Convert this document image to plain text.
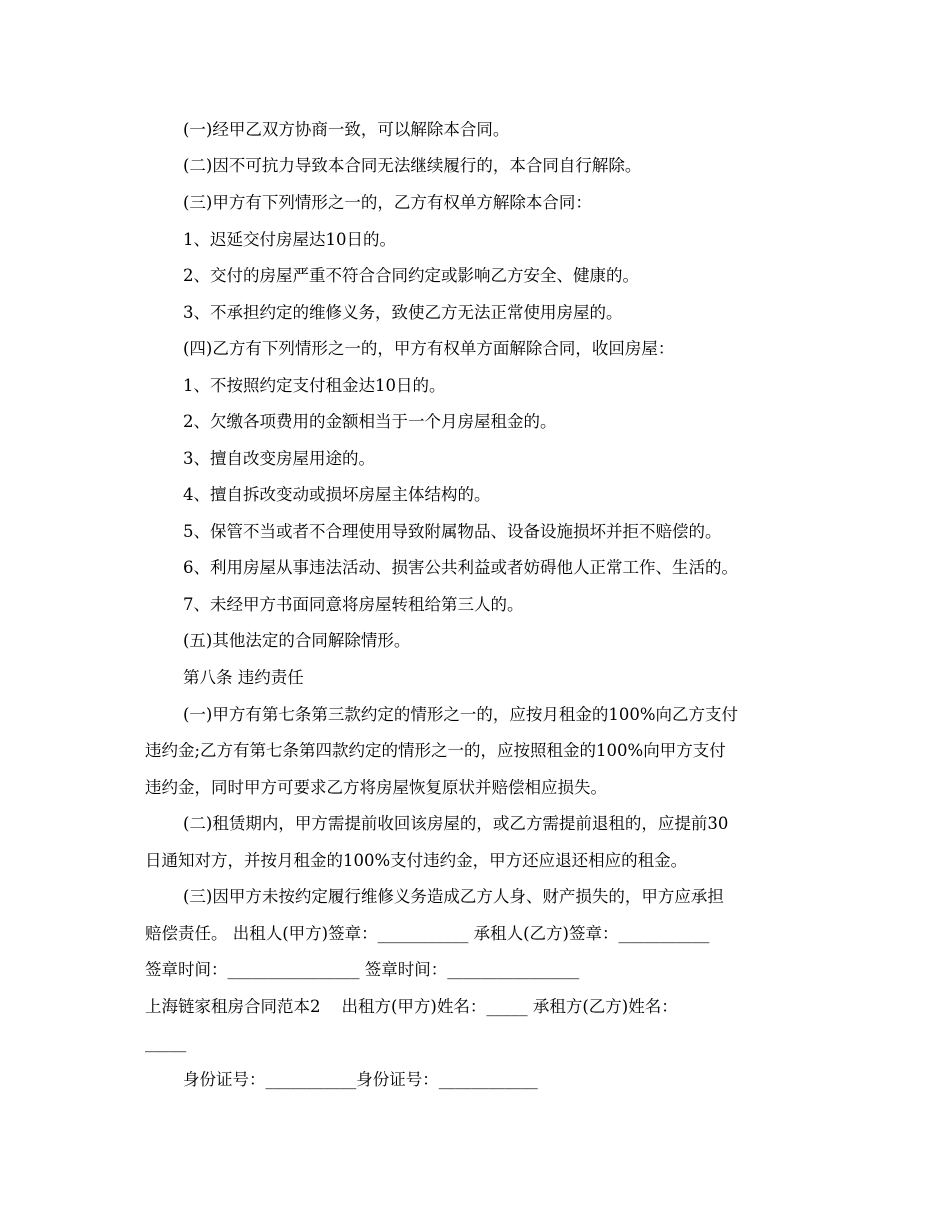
(一)经甲乙双方协商一致，可以解除本合同。
(二)因不可抗力导致本合同无法继续履行的，本合同自行解除。
(三)甲方有下列情形之一的，乙方有权单方解除本合同：
1、迟延交付房屋达10日的。
2、交付的房屋严重不符合合同约定或影响乙方安全、健康的。
3、不承担约定的维修义务，致使乙方无法正常使用房屋的。
(四)乙方有下列情形之一的，甲方有权单方面解除合同，收回房屋：
1、不按照约定支付租金达10日的。
2、欠缴各项费用的金额相当于一个月房屋租金的。
3、擅自改变房屋用途的。
4、擅自拆改变动或损坏房屋主体结构的。
5、保管不当或者不合理使用导致附属物品、设备设施损坏并拒不赔偿的。
6、利用房屋从事违法活动、损害公共利益或者妨碍他人正常工作、生活的。
7、未经甲方书面同意将房屋转租给第三人的。
(五)其他法定的合同解除情形。
第八条 违约责任
(一)甲方有第七条第三款约定的情形之一的，应按月租金的100%向乙方支付
违约金;乙方有第七条第四款约定的情形之一的，应按照租金的100%向甲方支付
违约金，同时甲方可要求乙方将房屋恢复原状并赔偿相应损失。
(二)租赁期内，甲方需提前收回该房屋的，或乙方需提前退租的，应提前30
日通知对方，并按月租金的100%支付违约金，甲方还应退还相应的租金。
(三)因甲方未按约定履行维修义务造成乙方人身、财产损失的，甲方应承担
赔偿责任。 出租人(甲方)签章：___________ 承租人(乙方)签章：___________
签章时间：________________ 签章时间：________________
上海链家租房合同范本2    出租方(甲方)姓名：_____ 承租方(乙方)姓名：
_____
身份证号：___________身份证号：____________
